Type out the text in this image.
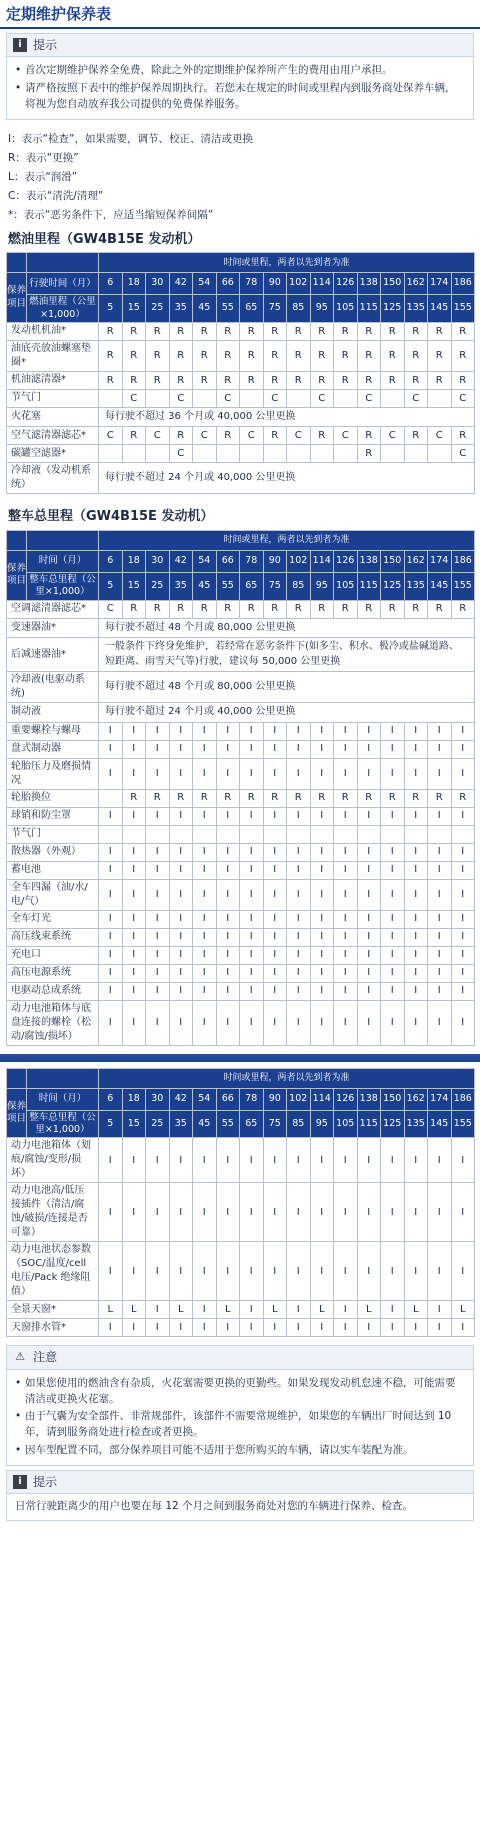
定期维护保养表
i 提示
• 首次定期维护保养全免费，除此之外的定期维护保养所产生的费用由用户承担。
• 请严格按照下表中的维护保养周期执行。若您未在规定的时间或里程内到服务商处保养车辆，将视为您自动放弃我公司提供的免费保养服务。
I：表示“检查”，如果需要，调节、校正、清洁或更换
R：表示“更换”
L：表示“润滑”
C：表示“清洗/清理”
*：表示“恶劣条件下，应适当缩短保养间隔”
燃油里程（GW4B15E 发动机）
		时间或里程，两者以先到者为准															
保养项目	行驶时间（月）	6	18	30	42	54	66	78	90	102	114	126	138	150	162	174	186
	燃油里程（公里×1,000）	5	15	25	35	45	55	65	75	85	95	105	115	125	135	145	155
发动机机油*		R	R	R	R	R	R	R	R	R	R	R	R	R	R	R	R
油底壳放油螺塞垫圈*		R	R	R	R	R	R	R	R	R	R	R	R	R	R	R	R
机油滤清器*		R	R	R	R	R	R	R	R	R	R	R	R	R	R	R	R
节气门			C		C		C		C		C		C		C		C
火花塞		每行驶不超过 36 个月或 40,000 公里更换															
空气滤清器滤芯*		C	R	C	R	C	R	C	R	C	R	C	R	C	R	C	R
碳罐空滤器*					C								R				C
冷却液（发动机系统）		每行驶不超过 24 个月或 40,000 公里更换															
整车总里程（GW4B15E 发动机）
		时间或里程，两者以先到者为准															
保养项目	时间（月）	6	18	30	42	54	66	78	90	102	114	126	138	150	162	174	186
	整车总里程（公里×1,000）	5	15	25	35	45	55	65	75	85	95	105	115	125	135	145	155
空调滤清器滤芯*		C	R	R	R	R	R	R	R	R	R	R	R	R	R	R	R
变速器油*		每行驶不超过 48 个月或 80,000 公里更换															
后减速器油*		一般条件下终身免维护，若经常在恶劣条件下(如多尘、积水、极冷或盐碱道路、短距离、雨雪天气等)行驶，建议每 50,000 公里更换															
冷却液(电驱动系统)		每行驶不超过 48 个月或 80,000 公里更换															
制动液		每行驶不超过 24 个月或 40,000 公里更换															
重要螺栓与螺母		I	I	I	I	I	I	I	I	I	I	I	I	I	I	I	I
盘式制动器		I	I	I	I	I	I	I	I	I	I	I	I	I	I	I	I
轮胎压力及磨损情况		I	I	I	I	I	I	I	I	I	I	I	I	I	I	I	I
轮胎换位			R	R	R	R	R	R	R	R	R	R	R	R	R	R	R
球销和防尘罩		I	I	I	I	I	I	I	I	I	I	I	I	I	I	I	I
节气门																	
散热器（外观）		I	I	I	I	I	I	I	I	I	I	I	I	I	I	I	I
蓄电池		I	I	I	I	I	I	I	I	I	I	I	I	I	I	I	I
全车四漏（油/水/电/气）		I	I	I	I	I	I	I	I	I	I	I	I	I	I	I	I
全车灯光		I	I	I	I	I	I	I	I	I	I	I	I	I	I	I	I
高压线束系统		I	I	I	I	I	I	I	I	I	I	I	I	I	I	I	I
充电口		I	I	I	I	I	I	I	I	I	I	I	I	I	I	I	I
高压电源系统		I	I	I	I	I	I	I	I	I	I	I	I	I	I	I	I
电驱动总成系统		I	I	I	I	I	I	I	I	I	I	I	I	I	I	I	I
动力电池箱体与底盘连接的螺栓（松动/腐蚀/损坏）		I	I	I	I	I	I	I	I	I	I	I	I	I	I	I	I
		时间或里程，两者以先到者为准															
保养项目	时间（月）	6	18	30	42	54	66	78	90	102	114	126	138	150	162	174	186
	整车总里程（公里×1,000）	5	15	25	35	45	55	65	75	85	95	105	115	125	135	145	155
动力电池箱体（划痕/腐蚀/变形/损坏）		I	I	I	I	I	I	I	I	I	I	I	I	I	I	I	I
动力电池高/低压接插件（清洁/腐蚀/破损/连接是否可靠）		I	I	I	I	I	I	I	I	I	I	I	I	I	I	I	I
动力电池状态参数（SOC/温度/cell 电压/Pack 绝缘阻值）		I	I	I	I	I	I	I	I	I	I	I	I	I	I	I	I
全景天窗*		L	L	I	L	I	L	I	L	I	L	I	L	I	L	I	L
天窗排水管*		I	I	I	I	I	I	I	I	I	I	I	I	I	I	I	I
⚠ 注意
• 如果您使用的燃油含有杂质，火花塞需要更换的更勤些。如果发现发动机怠速不稳，可能需要清洁或更换火花塞。
• 由于气囊为安全部件、非常规部件，该部件不需要常规维护，如果您的车辆出厂时间达到 10 年，请到服务商处进行检查或者更换。
• 因车型配置不同，部分保养项目可能不适用于您所购买的车辆，请以实车装配为准。
i 提示
日常行驶距离少的用户也要在每 12 个月之间到服务商处对您的车辆进行保养、检查。
